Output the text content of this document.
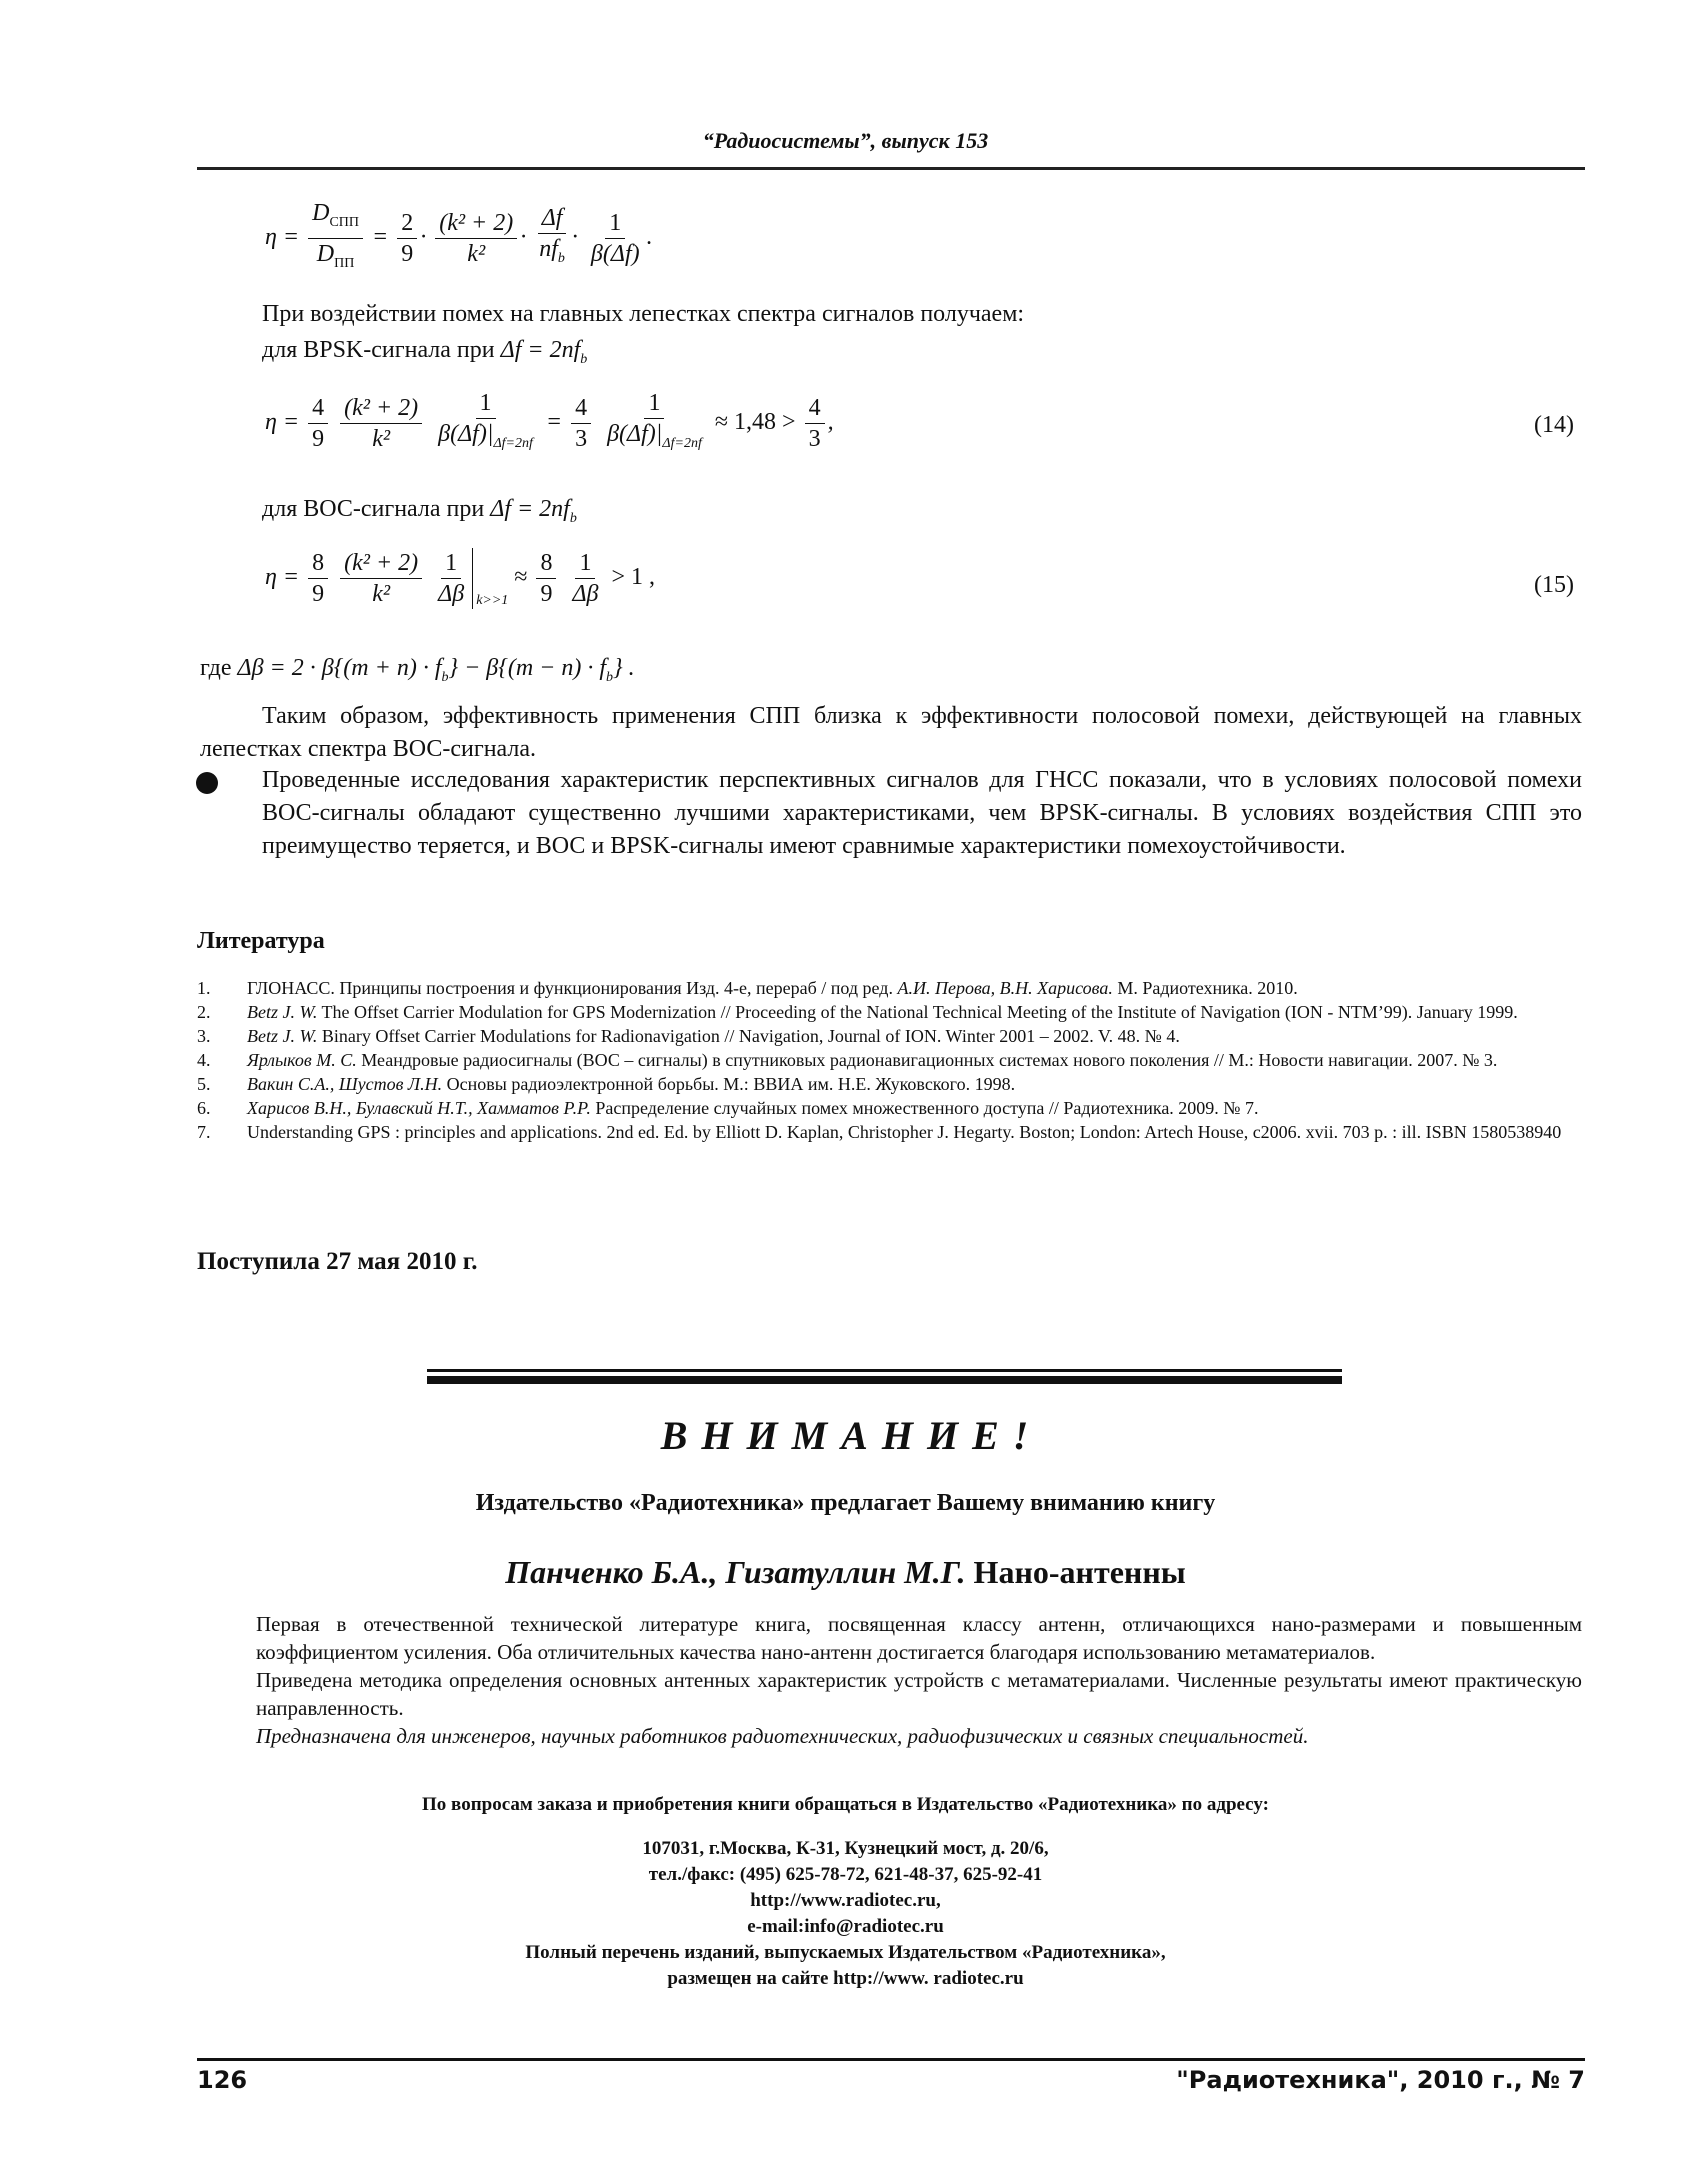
“Радиосистемы”, выпуск 153
$\eta = \frac{D_{СПП}}{D_{ПП}} = \frac{2}{9} \cdot \frac{\text{(k² + 2)}}{\text{k²}} \cdot \frac{\Delta f}{nf_b} \cdot \frac{1}{\beta(\Delta f)}$ .
При воздействии помех на главных лепестках спектра сигналов получаем:
для BPSK-сигнала при $\Delta f = 2nf_b$
$\eta = \frac{4}{9}$
$\frac{\text{(k² + 2)}}{\text{k²}}$
$\frac{1}{\beta(\Delta f)|_{\Delta f=2nf}} = \frac{4}{3}$
$\frac{1}{\beta(\Delta f)|_{\Delta f=2nf}} \approx 1,48 > \frac{4}{3}$ ,	(14)
для ВОС-сигнала при $\Delta f = 2nf_b$
$\eta = \frac{8}{9}$
$\frac{\text{(k² + 2)}}{\text{k²}}$
$\frac{1}{\Delta\beta} _{k>>1} \approx \frac{8}{9}$
$\frac{1}{\Delta\beta} > 1$ ,	(15)
где $\Delta\beta = 2 \cdot \beta\{(m + n) \cdot f_b\} - \beta\{(m - n) \cdot f_b\}$ .
Таким образом, эффективность применения СПП близка к эффективности полосовой помехи, действующей на главных лепестках спектра ВОС-сигнала.
Проведенные исследования характеристик перспективных сигналов для ГНСС показали, что в условиях полосовой помехи ВОС-сигналы обладают существенно лучшими характеристиками, чем BPSK-сигналы. В условиях воздействия СПП это преимущество теряется, и ВОС и BPSK-сигналы имеют сравнимые характеристики помехоустойчивости.
Литература
1. ГЛОНАСС. Принципы построения и функционирования Изд. 4-е, перераб / под ред. А.И. Перова, В.Н. Харисова. М. Радиотехника. 2010.
2. Betz J. W. The Offset Carrier Modulation for GPS Modernization // Proceeding of the National Technical Meeting of the Institute of Navigation (ION - NTM’99). January 1999.
3. Betz J. W. Binary Offset Carrier Modulations for Radionavigation // Navigation, Journal of ION. Winter 2001 – 2002. V. 48. № 4.
4. Ярлыков М. С. Меандровые радиосигналы (ВОС – сигналы) в спутниковых радионавигационных системах нового поколения // М.: Новости навигации. 2007. № 3.
5. Вакин С.А., Шустов Л.Н. Основы радиоэлектронной борьбы. М.: ВВИА им. Н.Е. Жуковского. 1998.
6. Харисов В.Н., Булавский Н.Т., Хамматов Р.Р. Распределение случайных помех множественного доступа // Радиотехника. 2009. № 7.
7. Understanding GPS : principles and applications. 2nd ed. Ed. by Elliott D. Kaplan, Christopher J. Hegarty. Boston; London: Artech House, c2006. xvii. 703 p. : ill. ISBN 1580538940
Поступила 27 мая 2010 г.
В Н И М А Н И Е !
Издательство «Радиотехника» предлагает Вашему вниманию книгу
Панченко Б.А., Гизатуллин М.Г. Нано-антенны
Первая в отечественной технической литературе книга, посвященная классу антенн, отличающихся нано-размерами и повышенным коэффициентом усиления. Оба отличительных качества нано-антенн достигается благодаря использованию метаматериалов.
Приведена методика определения основных антенных характеристик устройств с метаматериалами. Численные результаты имеют практическую направленность.
Предназначена для инженеров, научных работников радиотехнических, радиофизических и связных специальностей.
По вопросам заказа и приобретения книги обращаться в Издательство «Радиотехника» по адресу:
107031, г.Москва, К-31, Кузнецкий мост, д. 20/6,
тел./факс: (495) 625-78-72, 621-48-37, 625-92-41
http://www.radiotec.ru,
e-mail:info@radiotec.ru
Полный перечень изданий, выпускаемых Издательством «Радиотехника»,
размещен на сайте http://www. radiotec.ru
126	"Радиотехника", 2010 г., № 7
